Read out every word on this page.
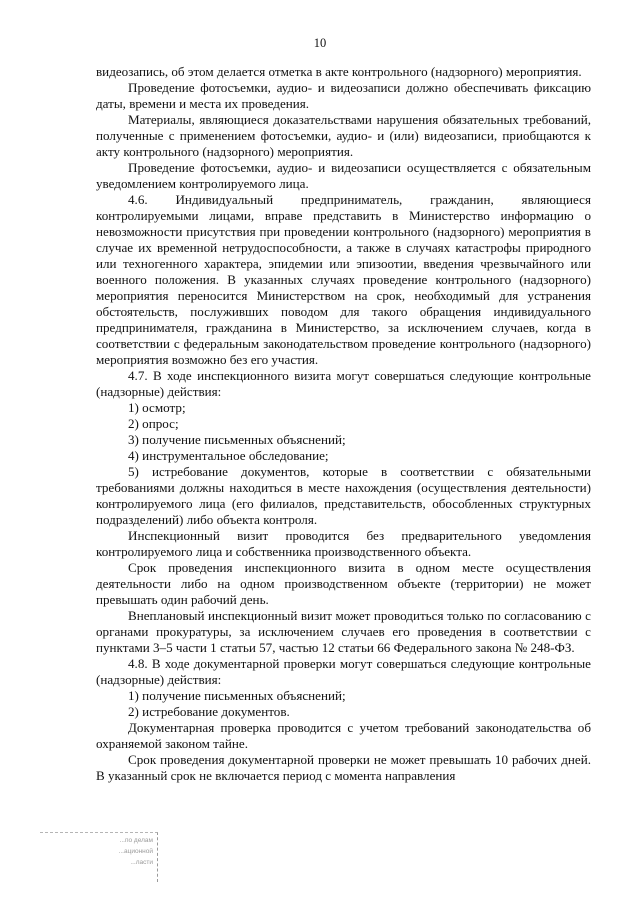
10

видеозапись, об этом делается отметка в акте контрольного (надзорного) мероприятия.

Проведение фотосъемки, аудио- и видеозаписи должно обеспечивать фиксацию даты, времени и места их проведения.

Материалы, являющиеся доказательствами нарушения обязательных требований, полученные с применением фотосъемки, аудио- и (или) видеозаписи, приобщаются к акту контрольного (надзорного) мероприятия.

Проведение фотосъемки, аудио- и видеозаписи осуществляется с обязательным уведомлением контролируемого лица.

4.6. Индивидуальный предприниматель, гражданин, являющиеся контролируемыми лицами, вправе представить в Министерство информацию о невозможности присутствия при проведении контрольного (надзорного) мероприятия в случае их временной нетрудоспособности, а также в случаях катастрофы природного или техногенного характера, эпидемии или эпизоотии, введения чрезвычайного или военного положения. В указанных случаях проведение контрольного (надзорного) мероприятия переносится Министерством на срок, необходимый для устранения обстоятельств, послуживших поводом для такого обращения индивидуального предпринимателя, гражданина в Министерство, за исключением случаев, когда в соответствии с федеральным законодательством проведение контрольного (надзорного) мероприятия возможно без его участия.

4.7. В ходе инспекционного визита могут совершаться следующие контрольные (надзорные) действия:

1) осмотр;

2) опрос;

3) получение письменных объяснений;

4) инструментальное обследование;

5) истребование документов, которые в соответствии с обязательными требованиями должны находиться в месте нахождения (осуществления деятельности) контролируемого лица (его филиалов, представительств, обособленных структурных подразделений) либо объекта контроля.

Инспекционный визит проводится без предварительного уведомления контролируемого лица и собственника производственного объекта.

Срок проведения инспекционного визита в одном месте осуществления деятельности либо на одном производственном объекте (территории) не может превышать один рабочий день.

Внеплановый инспекционный визит может проводиться только по согласованию с органами прокуратуры, за исключением случаев его проведения в соответствии с пунктами 3–5 части 1 статьи 57, частью 12 статьи 66 Федерального закона № 248-ФЗ.

4.8. В ходе документарной проверки могут совершаться следующие контрольные (надзорные) действия:

1) получение письменных объяснений;

2) истребование документов.

Документарная проверка проводится с учетом требований законодательства об охраняемой законом тайне.

Срок проведения документарной проверки не может превышать 10 рабочих дней. В указанный срок не включается период с момента направления

...по делам
...ационной
...ласти
